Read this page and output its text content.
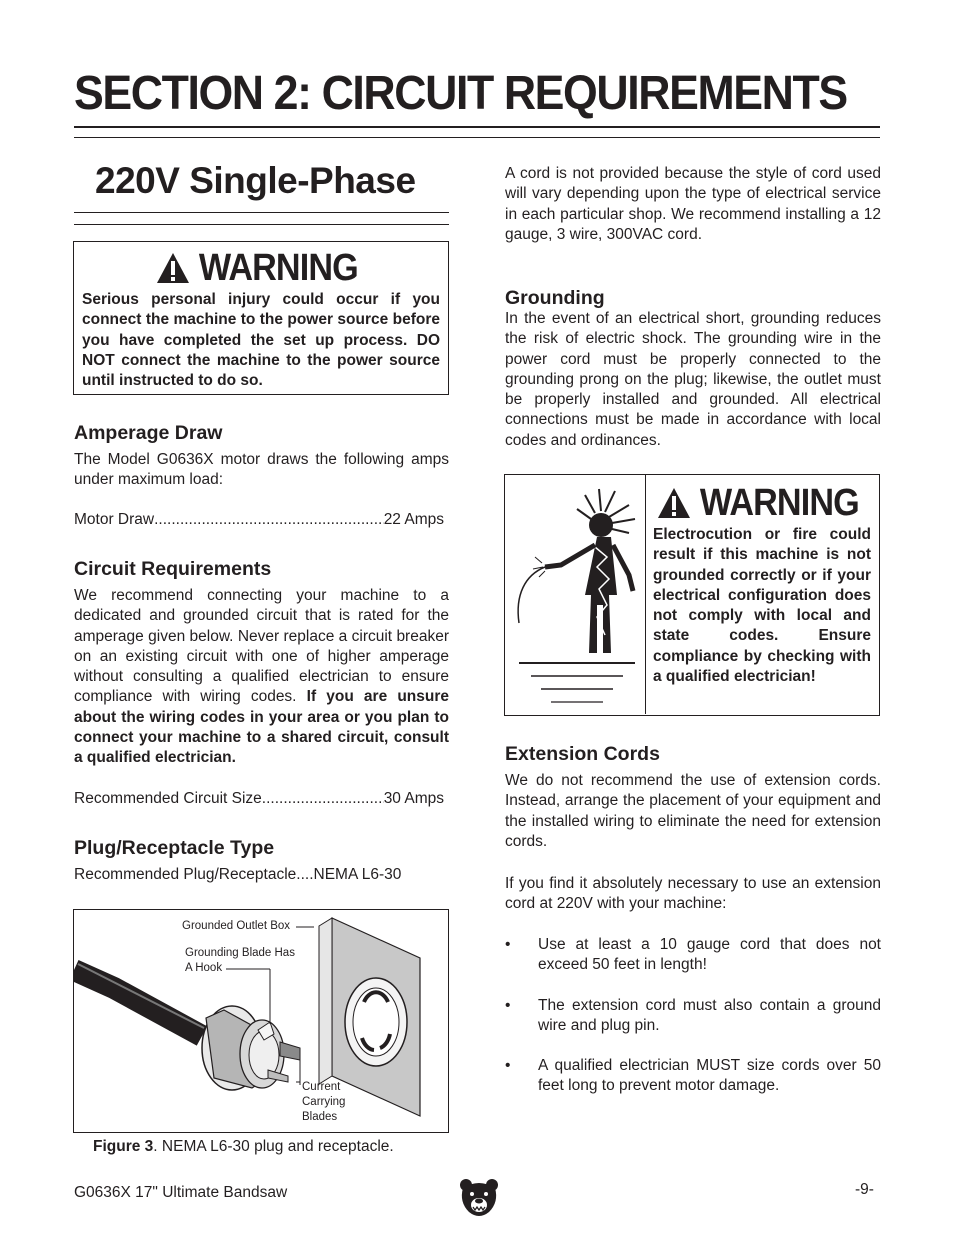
SECTION 2: CIRCUIT REQUIREMENTS
220V Single-Phase
WARNING
Serious personal injury could occur if you connect the machine to the power source before you have completed the set up process. DO NOT connect the machine to the power source until instructed to do so.
Amperage Draw

The Model G0636X motor draws the following amps under maximum load:

Motor Draw .....	22 Amps
Circuit Requirements

We recommend connecting your machine to a dedicated and grounded circuit that is rated for the amperage given below. Never replace a circuit breaker on an existing circuit with one of higher amperage without consulting a qualified electrician to ensure compliance with wiring codes. If you are unsure about the wiring codes in your area or you plan to connect your machine to a shared circuit, consult a qualified electrician.

Recommended Circuit Size .....	30 Amps
Plug/Receptacle Type

Recommended Plug/Receptacle....NEMA L6-30

Grounded Outlet Box
Grounding Blade Has
A Hook
Current
Carrying
Blades
Figure 3. NEMA L6-30 plug and receptacle.

A cord is not provided because the style of cord used will vary depending upon the type of electrical service in each particular shop. We recommend installing a 12 gauge, 3 wire, 300VAC cord.

Grounding

In the event of an electrical short, grounding reduces the risk of electric shock. The grounding wire in the power cord must be properly connected to the grounding prong on the plug; likewise, the outlet must be properly installed and grounded. All electrical connections must be made in accordance with local codes and ordinances.

WARNING
Electrocution or fire could result if this machine is not grounded correctly or if your electrical configuration does not comply with local and state codes. Ensure compliance by checking with a qualified electrician!
Extension Cords

We do not recommend the use of extension cords. Instead, arrange the placement of your equipment and the installed wiring to eliminate the need for extension cords.

If you find it absolutely necessary to use an extension cord at 220V with your machine:

•	Use at least a 10 gauge cord that does not exceed 50 feet in length!
•	The extension cord must also contain a ground wire and plug pin.
•	A qualified electrician MUST size cords over 50 feet long to prevent motor damage.
G0636X 17" Ultimate Bandsaw	-9-
